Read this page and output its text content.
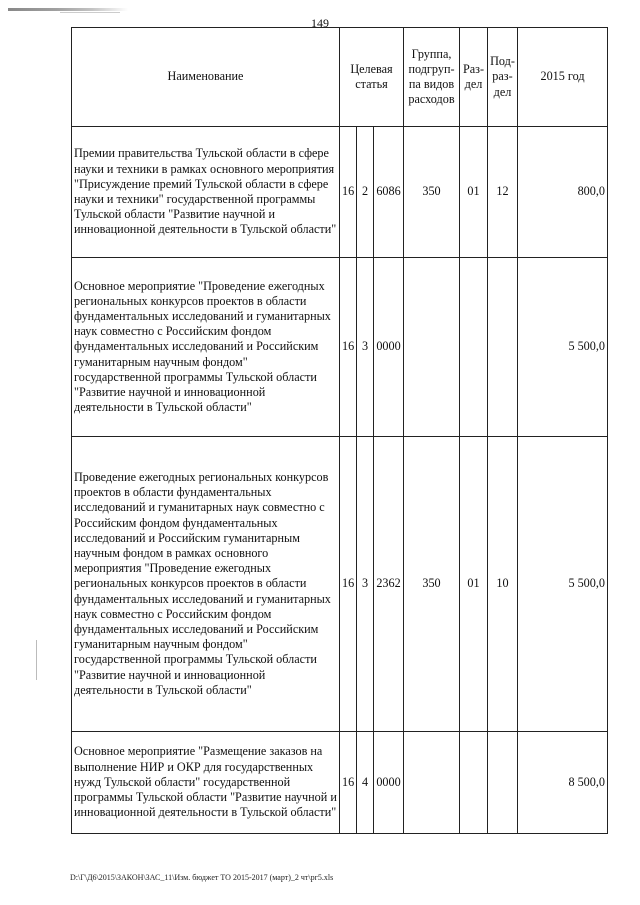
149
Наименование	Целевая статья			Группа, подгруп-па видов расходов	Раз-дел	Под-раз-дел	2015 год
Премии правительства Тульской области в сфере науки и техники в рамках основного мероприятия "Присуждение премий Тульской области в сфере науки и техники" государственной программы Тульской области "Развитие научной и инновационной деятельности в Тульской области"	16	2	6086	350	01	12	800,0
Основное мероприятие "Проведение ежегодных региональных конкурсов проектов в области фундаментальных исследований и гуманитарных наук совместно с Российским фондом фундаментальных исследований и Российским гуманитарным научным фондом" государственной программы Тульской области "Развитие научной и инновационной деятельности в Тульской области"	16	3	0000				5 500,0
Проведение ежегодных региональных конкурсов проектов в области фундаментальных исследований и гуманитарных наук совместно с Российским фондом фундаментальных исследований и Российским гуманитарным научным фондом в рамках основного мероприятия "Проведение ежегодных региональных конкурсов проектов в области фундаментальных исследований и гуманитарных наук совместно с Российским фондом фундаментальных исследований и Российским гуманитарным научным фондом" государственной программы Тульской области "Развитие научной и инновационной деятельности в Тульской области"	16	3	2362	350	01	10	5 500,0
Основное мероприятие "Размещение заказов на выполнение НИР и ОКР для государственных нужд Тульской области" государственной программы Тульской области "Развитие научной и инновационной деятельности в Тульской области"	16	4	0000				8 500,0
D:\Г\Д6\2015\ЗАКОН\ЗАС_11\Изм. бюджет ТО 2015-2017 (март)_2 чт\рг5.xls
